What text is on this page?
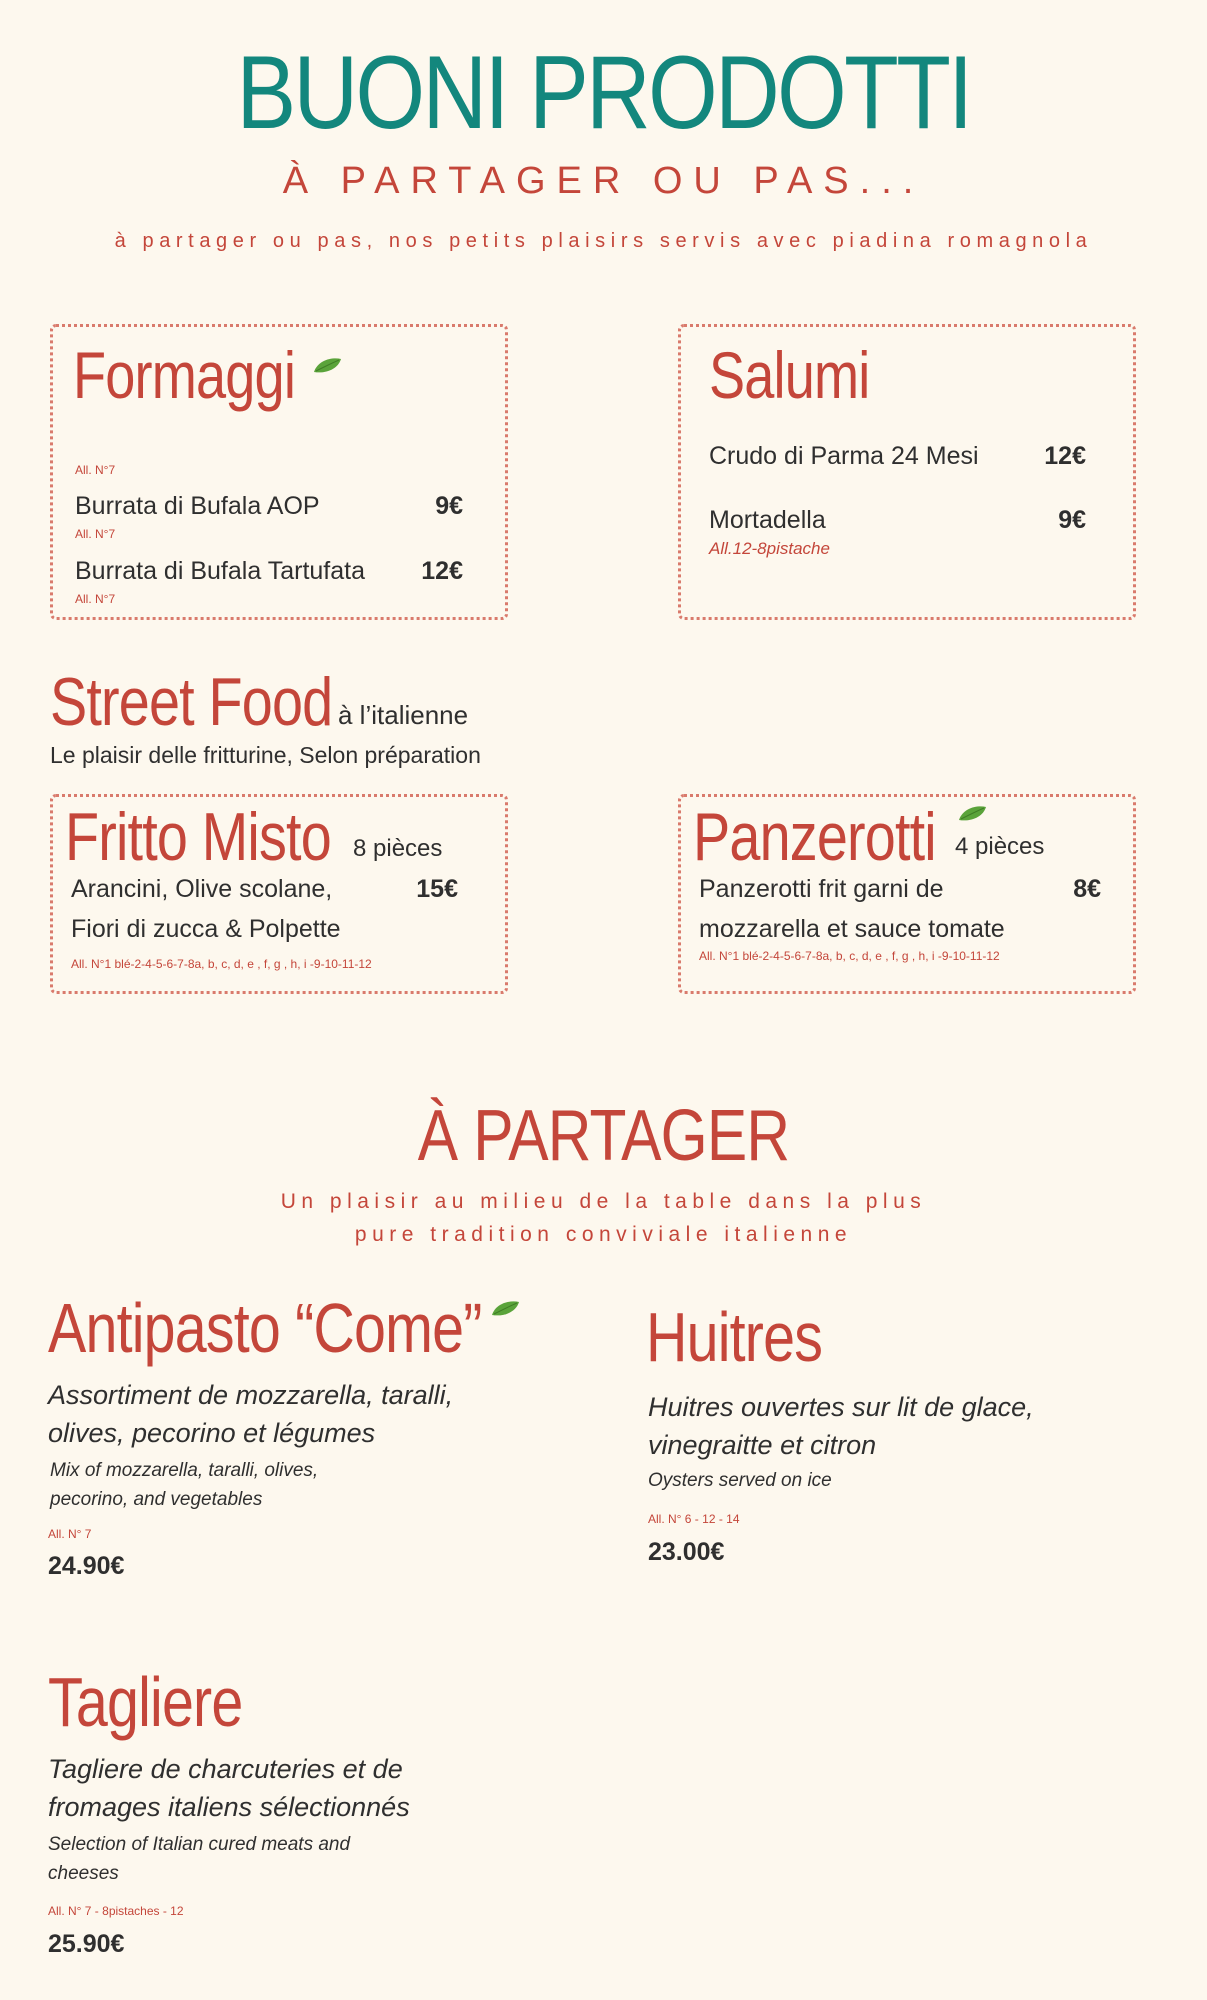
BUONI PRODOTTI
À PARTAGER OU PAS...
à partager ou pas, nos petits plaisirs servis avec piadina romagnola
Formaggi
All. N°7
Burrata di Bufala AOP	9€
All. N°7
Burrata di Bufala Tartufata	12€
All. N°7
Salumi
Crudo di Parma 24 Mesi	12€
Mortadella	9€
All.12-8pistache
Street Food à l’italienne
Le plaisir delle fritturine, Selon préparation
Fritto Misto 8 pièces
Arancini, Olive scolane,
Fiori di zucca & Polpette
15€
All. N°1 blé-2-4-5-6-7-8a, b, c, d, e , f, g , h, i -9-10-11-12
Panzerotti 4 pièces
Panzerotti frit garni de
mozzarella et sauce tomate
8€
All. N°1 blé-2-4-5-6-7-8a, b, c, d, e , f, g , h, i -9-10-11-12
À PARTAGER
Un plaisir au milieu de la table dans la plus
pure tradition conviviale italienne
Antipasto “Come”
Assortiment de mozzarella, taralli,
olives, pecorino et légumes
Mix of mozzarella, taralli, olives,
pecorino, and vegetables
All. N° 7
24.90€
Huitres
Huitres ouvertes sur lit de glace,
vinegraitte et citron
Oysters served on ice
All. N° 6 - 12 - 14
23.00€
Tagliere
Tagliere de charcuteries et de
fromages italiens sélectionnés
Selection of Italian cured meats and
cheeses
All. N° 7 - 8pistaches - 12
25.90€
